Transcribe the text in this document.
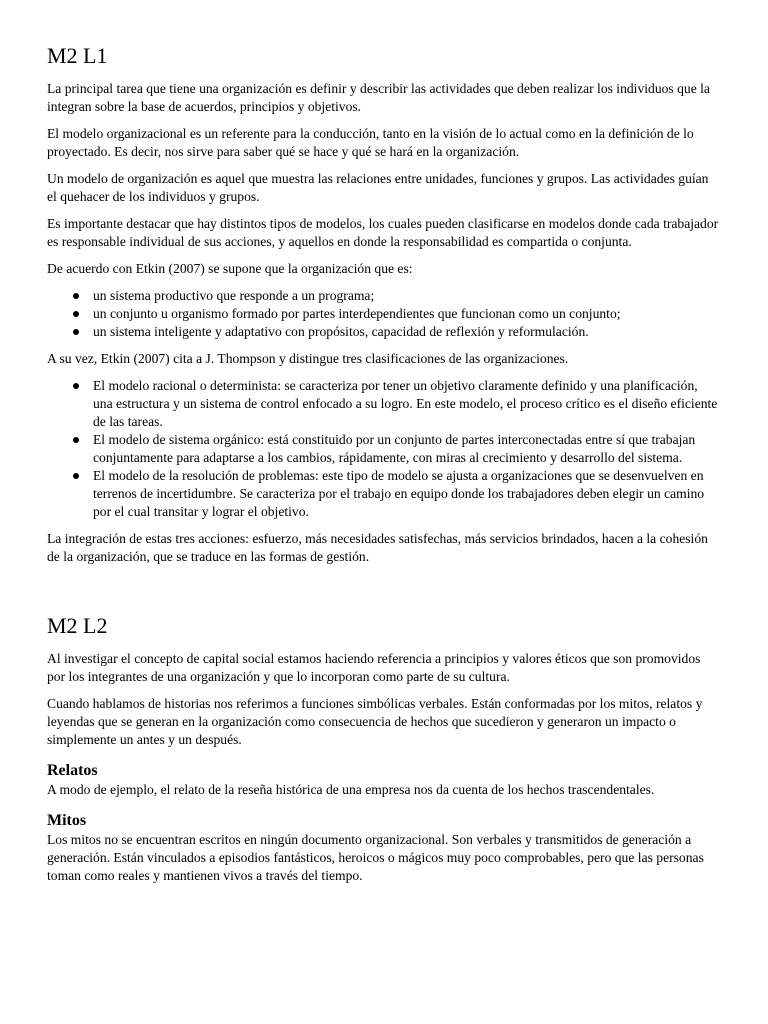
M2 L1

La principal tarea que tiene una organización es definir y describir las actividades que deben realizar los individuos que la integran sobre la base de acuerdos, principios y objetivos.

El modelo organizacional es un referente para la conducción, tanto en la visión de lo actual como en la definición de lo proyectado. Es decir, nos sirve para saber qué se hace y qué se hará en la organización.

Un modelo de organización es aquel que muestra las relaciones entre unidades, funciones y grupos. Las actividades guían el quehacer de los individuos y grupos.

Es importante destacar que hay distintos tipos de modelos, los cuales pueden clasificarse en modelos donde cada trabajador es responsable individual de sus acciones, y aquellos en donde la responsabilidad es compartida o conjunta.

De acuerdo con Etkin (2007) se supone que la organización que es:

un sistema productivo que responde a un programa;
un conjunto u organismo formado por partes interdependientes que funcionan como un conjunto;
un sistema inteligente y adaptativo con propósitos, capacidad de reflexión y reformulación.

A su vez, Etkin (2007) cita a J. Thompson y distingue tres clasificaciones de las organizaciones.

El modelo racional o determinista: se caracteriza por tener un objetivo claramente definido y una planificación, una estructura y un sistema de control enfocado a su logro. En este modelo, el proceso crítico es el diseño eficiente de las tareas.
El modelo de sistema orgánico: está constituido por un conjunto de partes interconectadas entre sí que trabajan conjuntamente para adaptarse a los cambios, rápidamente, con miras al crecimiento y desarrollo del sistema.
El modelo de la resolución de problemas: este tipo de modelo se ajusta a organizaciones que se desenvuelven en terrenos de incertidumbre. Se caracteriza por el trabajo en equipo donde los trabajadores deben elegir un camino por el cual transitar y lograr el objetivo.

La integración de estas tres acciones: esfuerzo, más necesidades satisfechas, más servicios brindados, hacen a la cohesión de la organización, que se traduce en las formas de gestión.

M2 L2

Al investigar el concepto de capital social estamos haciendo referencia a principios y valores éticos que son promovidos por los integrantes de una organización y que lo incorporan como parte de su cultura.

Cuando hablamos de historias nos referimos a funciones simbólicas verbales. Están conformadas por los mitos, relatos y leyendas que se generan en la organización como consecuencia de hechos que sucedieron y generaron un impacto o simplemente un antes y un después.

Relatos

A modo de ejemplo, el relato de la reseña histórica de una empresa nos da cuenta de los hechos trascendentales.

Mitos

Los mitos no se encuentran escritos en ningún documento organizacional. Son verbales y transmitidos de generación a generación. Están vinculados a episodios fantásticos, heroicos o mágicos muy poco comprobables, pero que las personas toman como reales y mantienen vivos a través del tiempo.
